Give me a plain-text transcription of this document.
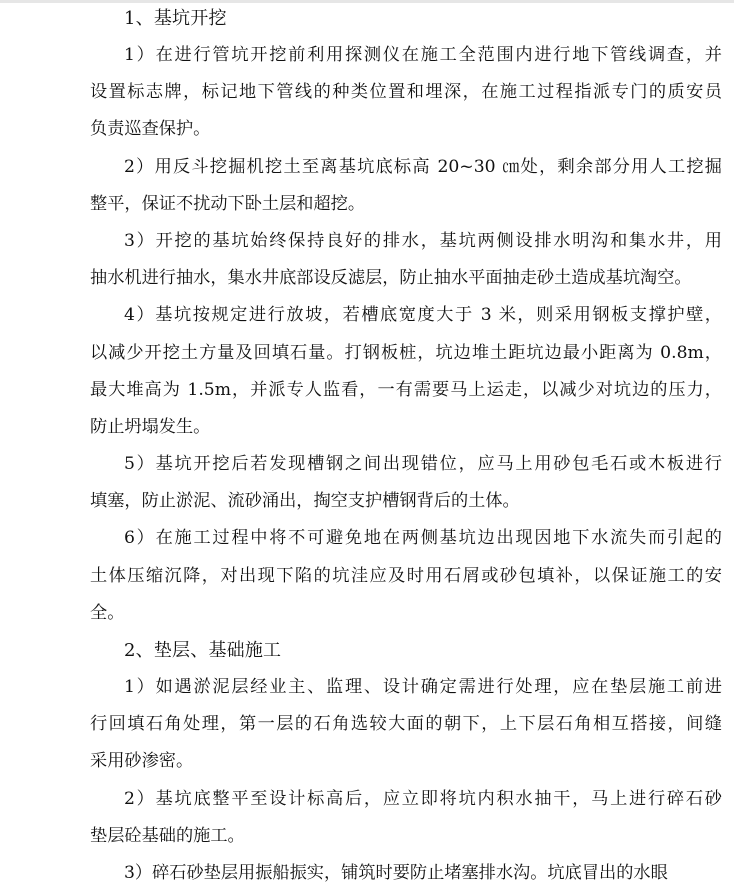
1、基坑开挖
1）在进行管坑开挖前利用探测仪在施工全范围内进行地下管线调查，并
设置标志牌，标记地下管线的种类位置和埋深，在施工过程指派专门的质安员
负责巡查保护。
2）用反斗挖掘机挖土至离基坑底标高 20~30 ㎝处，剩余部分用人工挖掘
整平，保证不扰动下卧土层和超挖。
3）开挖的基坑始终保持良好的排水，基坑两侧设排水明沟和集水井，用
抽水机进行抽水，集水井底部设反滤层，防止抽水平面抽走砂土造成基坑淘空。
4）基坑按规定进行放坡，若槽底宽度大于 3 米，则采用钢板支撑护壁，
以减少开挖土方量及回填石量。打钢板桩，坑边堆土距坑边最小距离为 0.8m，
最大堆高为 1.5m，并派专人监看，一有需要马上运走，以减少对坑边的压力，
防止坍塌发生。
5）基坑开挖后若发现槽钢之间出现错位，应马上用砂包毛石或木板进行
填塞，防止淤泥、流砂涌出，掏空支护槽钢背后的土体。
6）在施工过程中将不可避免地在两侧基坑边出现因地下水流失而引起的
土体压缩沉降，对出现下陷的坑洼应及时用石屑或砂包填补，以保证施工的安
全。
2、垫层、基础施工
1）如遇淤泥层经业主、监理、设计确定需进行处理，应在垫层施工前进
行回填石角处理，第一层的石角选较大面的朝下，上下层石角相互搭接，间缝
采用砂渗密。
2）基坑底整平至设计标高后，应立即将坑内积水抽干，马上进行碎石砂
垫层砼基础的施工。
3）碎石砂垫层用振船振实，铺筑时要防止堵塞排水沟。坑底冒出的水眼
